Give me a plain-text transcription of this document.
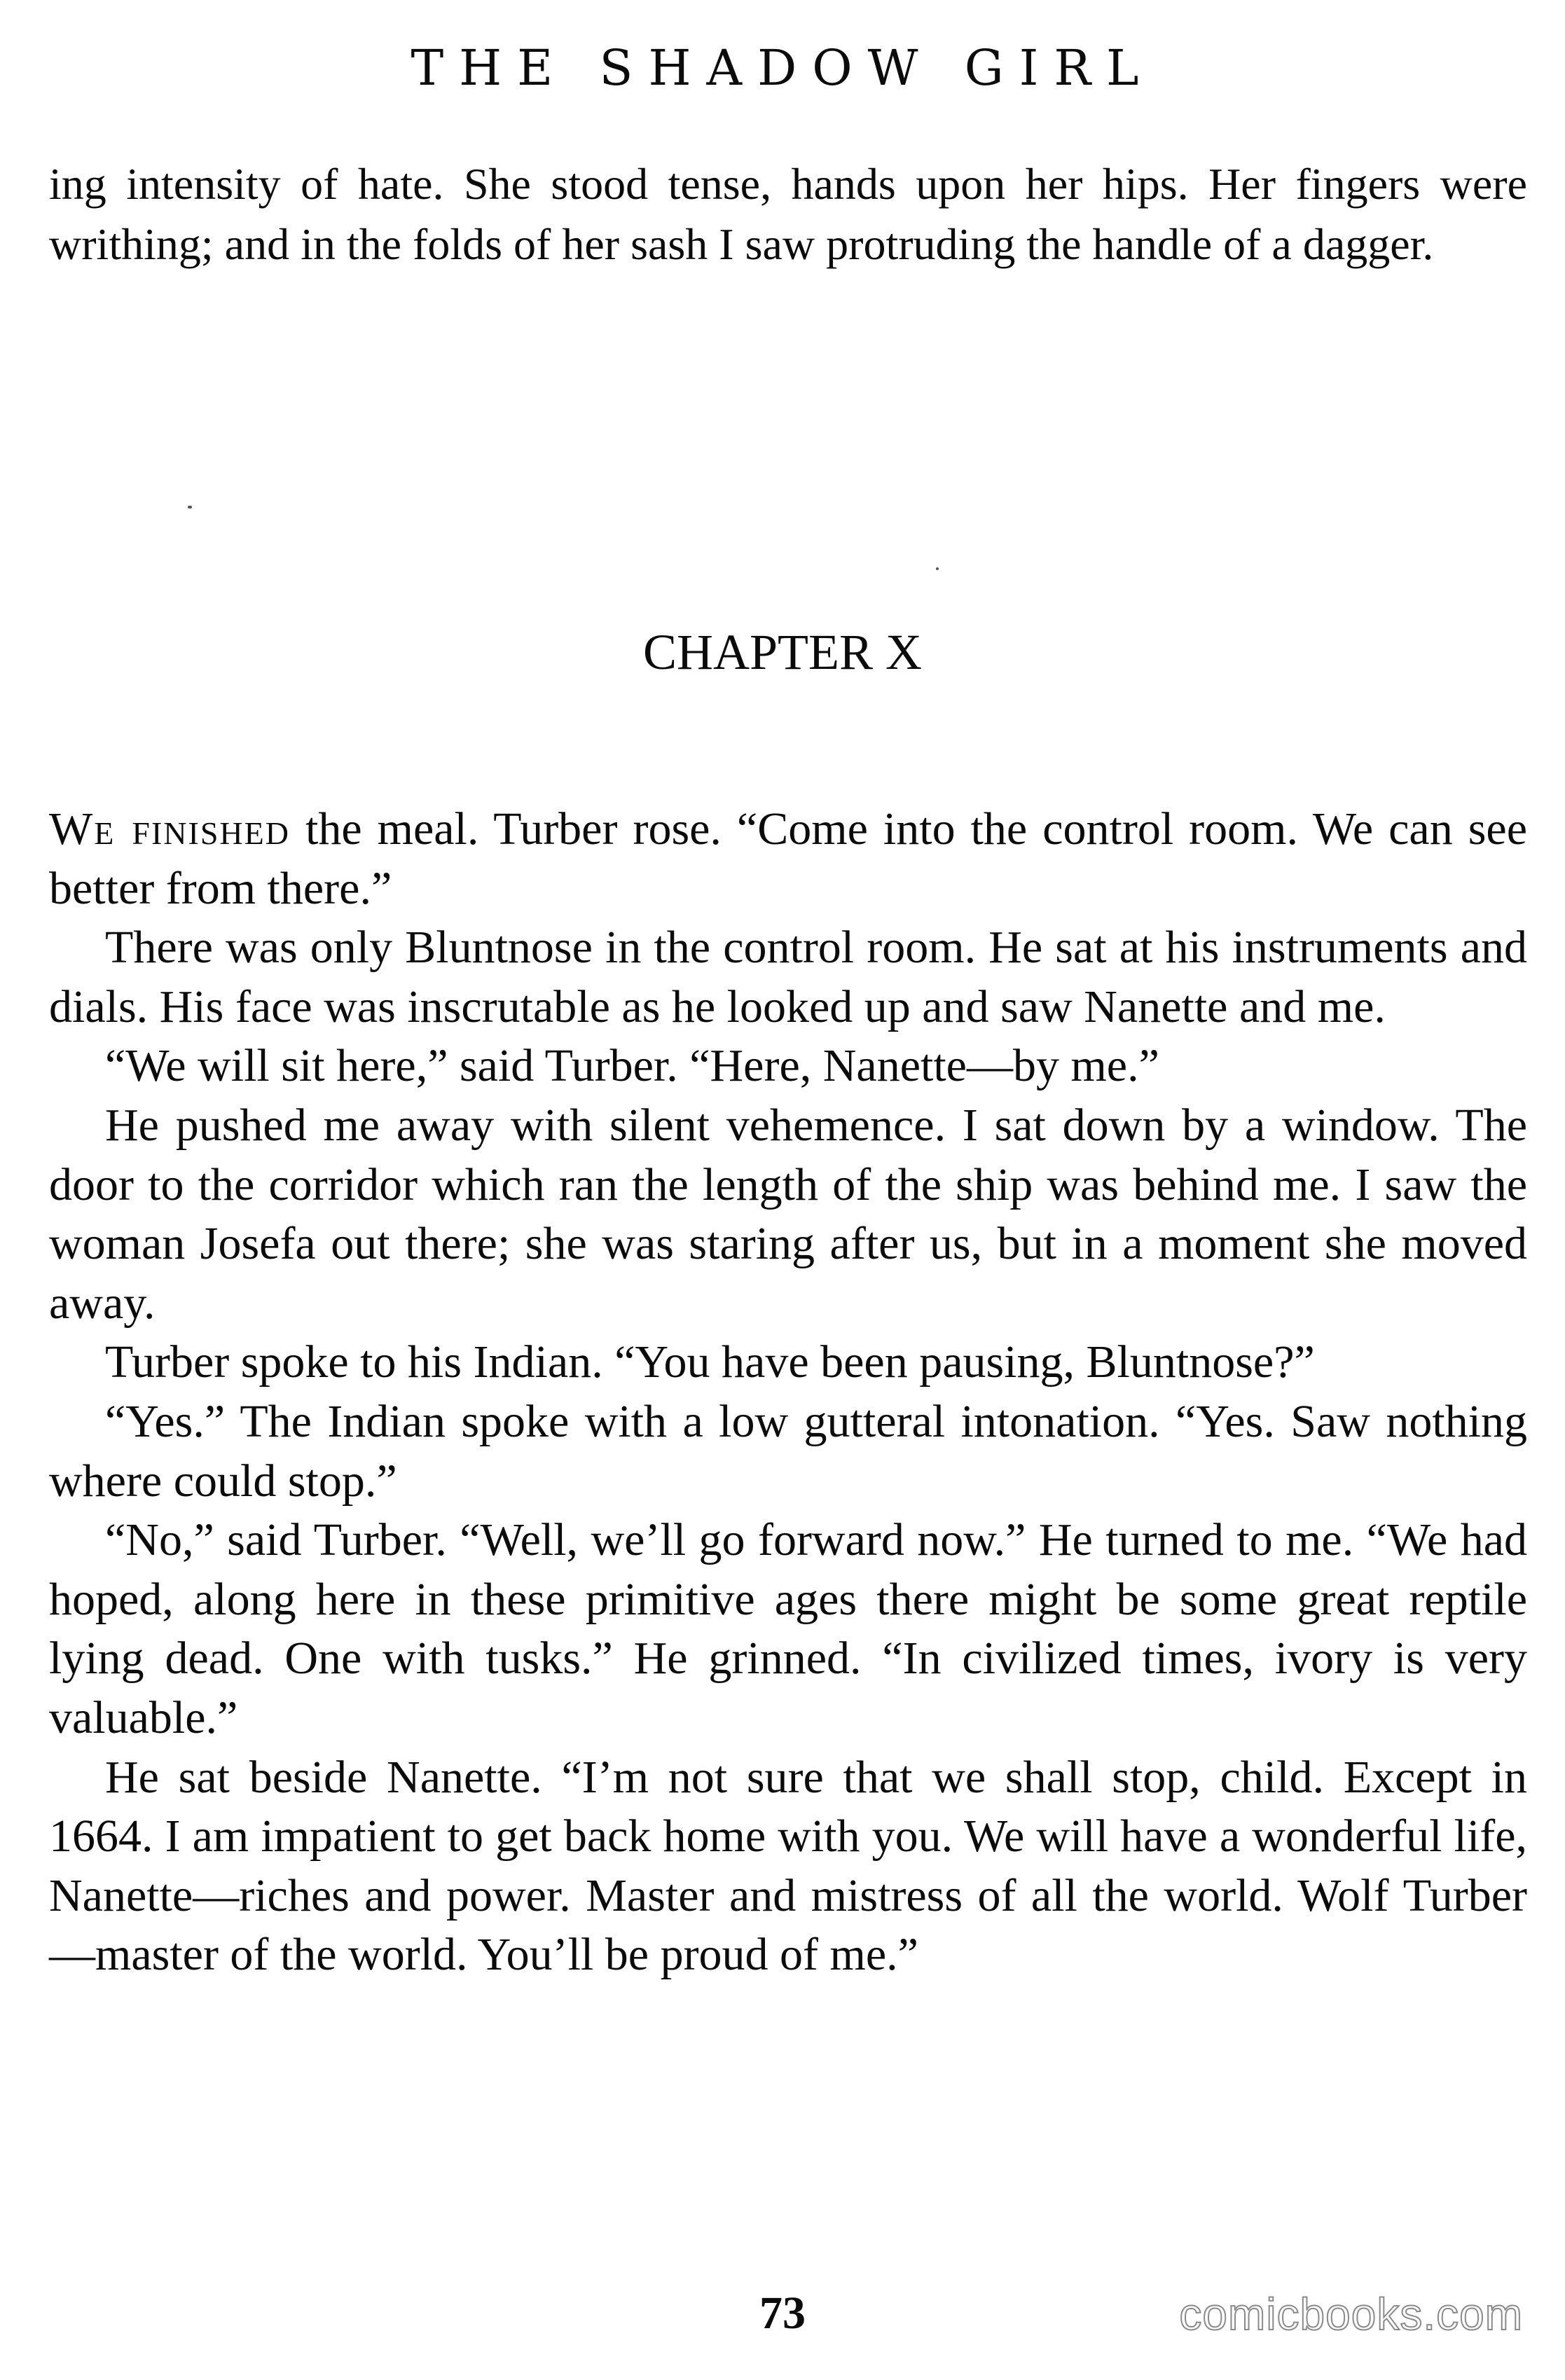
THE SHADOW GIRL

ing intensity of hate. She stood tense, hands upon her hips. Her fingers were writhing; and in the folds of her sash I saw protruding the handle of a dagger.

CHAPTER X

We finished the meal. Turber rose. “Come into the control room. We can see better from there.”

There was only Bluntnose in the control room. He sat at his instruments and dials. His face was inscrutable as he looked up and saw Nanette and me.

“We will sit here,” said Turber. “Here, Nanette—by me.”

He pushed me away with silent vehemence. I sat down by a window. The door to the corridor which ran the length of the ship was behind me. I saw the woman Josefa out there; she was staring after us, but in a moment she moved away.

Turber spoke to his Indian. “You have been pausing, Bluntnose?”

“Yes.” The Indian spoke with a low gutteral intonation. “Yes. Saw nothing where could stop.”

“No,” said Turber. “Well, we’ll go forward now.” He turned to me. “We had hoped, along here in these primitive ages there might be some great reptile lying dead. One with tusks.” He grinned. “In civilized times, ivory is very valuable.”

He sat beside Nanette. “I’m not sure that we shall stop, child. Except in 1664. I am impatient to get back home with you. We will have a wonderful life, Nanette—riches and power. Master and mistress of all the world. Wolf Turber—master of the world. You’ll be proud of me.”

73	comicbooks.com
